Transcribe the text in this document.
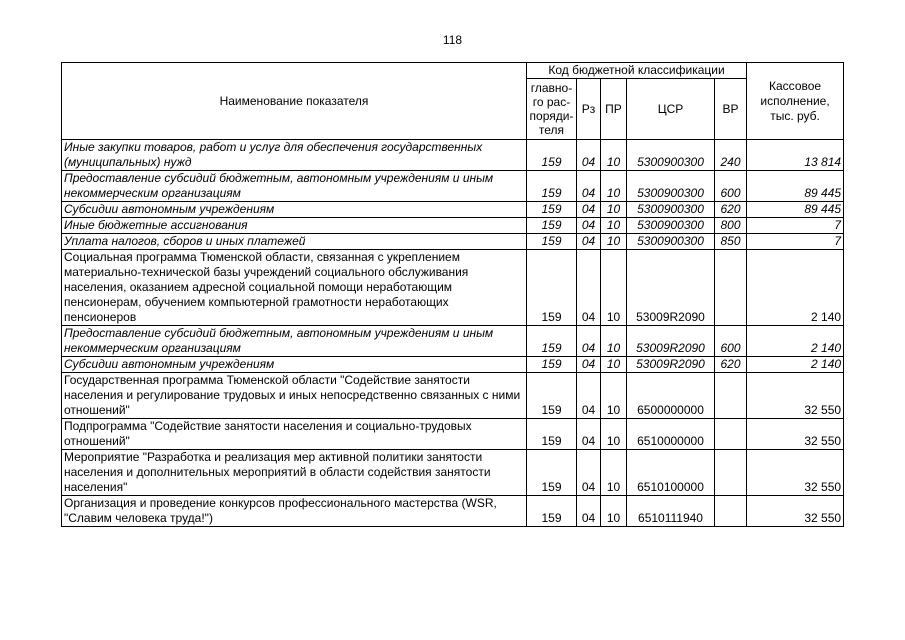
118
Наименование показателя	Код бюджетной классификации					Кассовое исполнение, тыс. руб.
	главно-го рас-поряди-теля	Рз	ПР	ЦСР	ВР	
Иные закупки товаров, работ и услуг для обеспечения государственных (муниципальных) нужд	159	04	10	5300900300	240	13 814
Предоставление субсидий бюджетным, автономным учреждениям и иным некоммерческим организациям	159	04	10	5300900300	600	89 445
Субсидии автономным учреждениям	159	04	10	5300900300	620	89 445
Иные бюджетные ассигнования	159	04	10	5300900300	800	7
Уплата налогов, сборов и иных платежей	159	04	10	5300900300	850	7
Социальная программа Тюменской области, связанная с укреплением материально-технической базы учреждений социального обслуживания населения, оказанием адресной социальной помощи неработающим пенсионерам, обучением компьютерной грамотности неработающих пенсионеров	159	04	10	53009R2090		2 140
Предоставление субсидий бюджетным, автономным учреждениям и иным некоммерческим организациям	159	04	10	53009R2090	600	2 140
Субсидии автономным учреждениям	159	04	10	53009R2090	620	2 140
Государственная программа Тюменской области "Содействие занятости населения и регулирование трудовых и иных непосредственно связанных с ними отношений"	159	04	10	6500000000		32 550
Подпрограмма "Содействие занятости населения и социально-трудовых отношений"	159	04	10	6510000000		32 550
Мероприятие "Разработка и реализация мер активной политики занятости населения и дополнительных мероприятий в области содействия занятости населения"	159	04	10	6510100000		32 550
Организация и проведение конкурсов профессионального мастерства (WSR, "Славим человека труда!")	159	04	10	6510111940		32 550
